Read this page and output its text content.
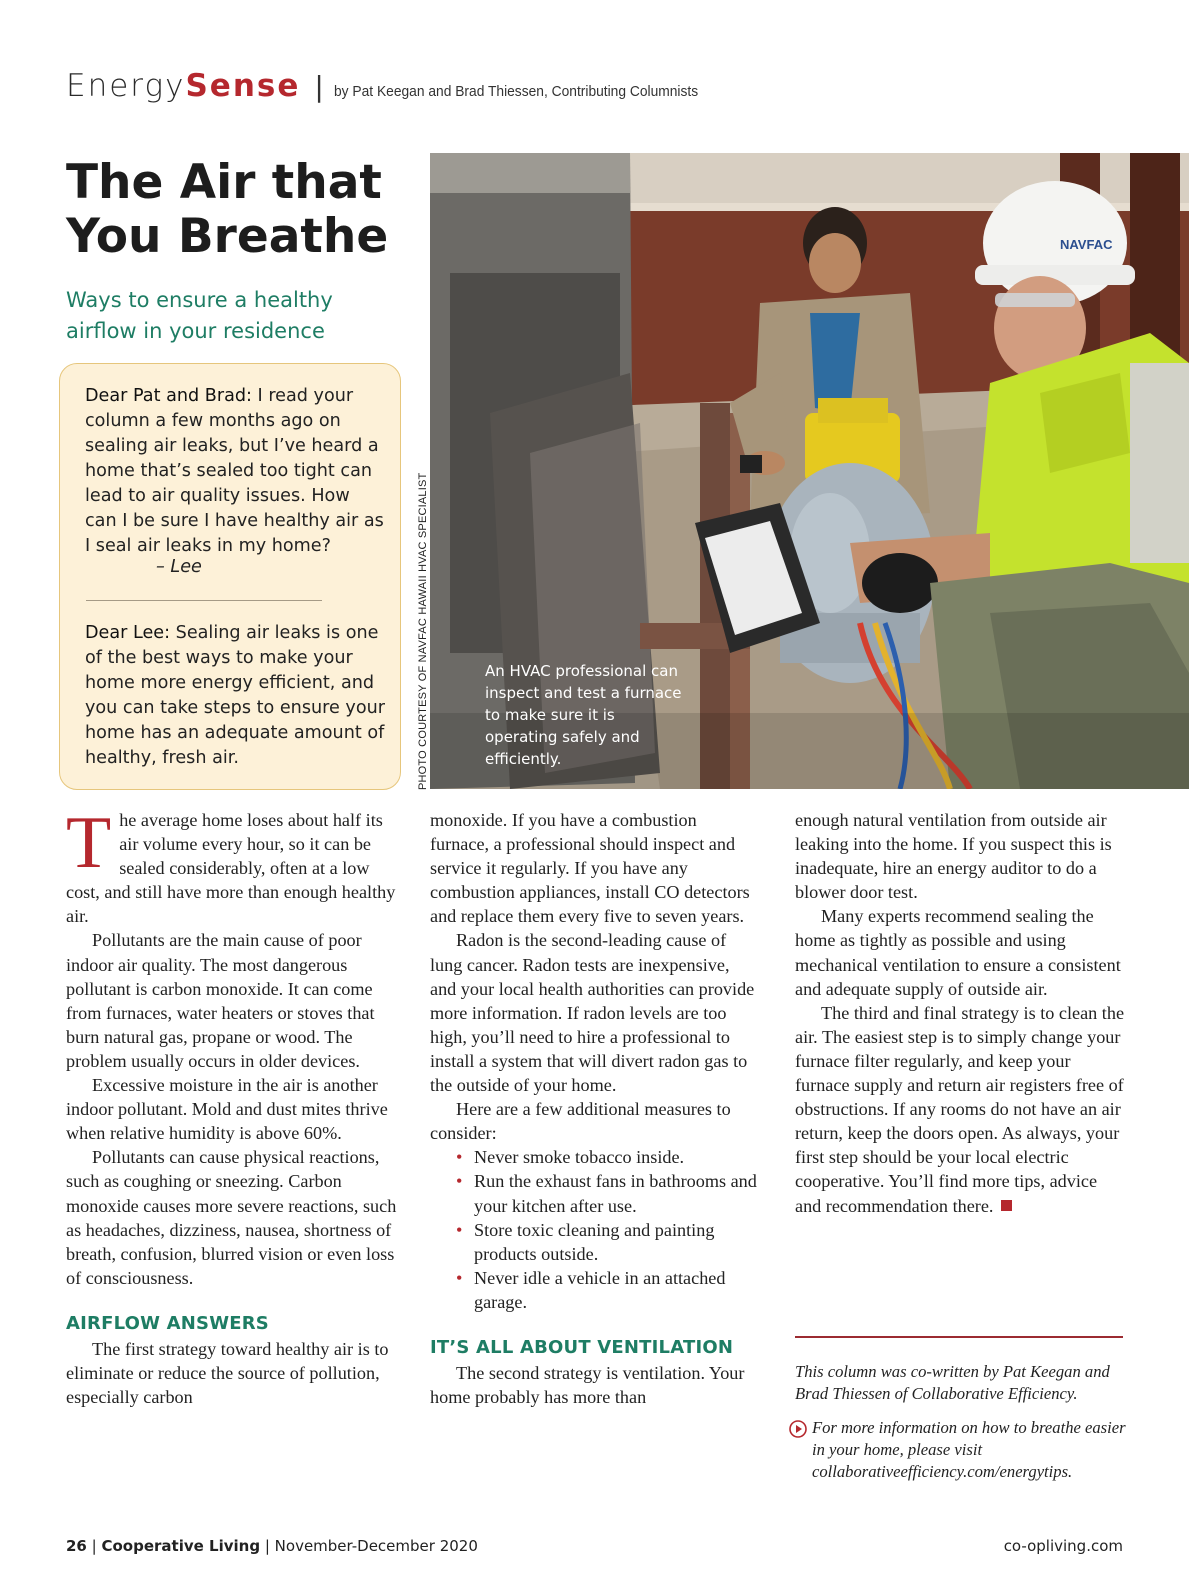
Energy Sense | by Pat Keegan and Brad Thiessen, Contributing Columnists
The Air that You Breathe
Ways to ensure a healthy airflow in your residence
Dear Pat and Brad: I read your column a few months ago on sealing air leaks, but I’ve heard a home that’s sealed too tight can lead to air quality issues. How can I be sure I have healthy air as I seal air leaks in my home?
– Lee
Dear Lee: Sealing air leaks is one of the best ways to make your home more energy efficient, and you can take steps to ensure your home has an adequate amount of healthy, fresh air.
NAVFAC
PHOTO COURTESY OF NAVFAC HAWAII HVAC SPECIALIST	An HVAC professional can inspect and test a furnace to make sure it is operating safely and efficiently.

The average home loses about half its air volume every hour, so it can be sealed considerably, often at a low cost, and still have more than enough healthy air.

Pollutants are the main cause of poor indoor air quality. The most dangerous pollutant is carbon monoxide. It can come from furnaces, water heaters or stoves that burn natural gas, propane or wood. The problem usually occurs in older devices.

Excessive moisture in the air is another indoor pollutant. Mold and dust mites thrive when relative humidity is above 60%.

Pollutants can cause physical reactions, such as coughing or sneezing. Carbon monoxide causes more severe reactions, such as headaches, dizziness, nausea, shortness of breath, confusion, blurred vision or even loss of consciousness.

AIRFLOW ANSWERS

The first strategy toward healthy air is to eliminate or reduce the source of pollution, especially carbon

monoxide. If you have a combustion furnace, a professional should inspect and service it regularly. If you have any combustion appliances, install CO detectors and replace them every five to seven years.

Radon is the second-leading cause of lung cancer. Radon tests are inexpensive, and your local health authorities can provide more information. If radon levels are too high, you’ll need to hire a professional to install a system that will divert radon gas to the outside of your home.

Here are a few additional measures to consider:

• Never smoke tobacco inside.
• Run the exhaust fans in bathrooms and your kitchen after use.
• Store toxic cleaning and painting products outside.
• Never idle a vehicle in an attached garage.
IT’S ALL ABOUT VENTILATION

The second strategy is ventilation. Your home probably has more than

enough natural ventilation from outside air leaking into the home. If you suspect this is inadequate, hire an energy auditor to do a blower door test.

Many experts recommend sealing the home as tightly as possible and using mechanical ventilation to ensure a consistent and adequate supply of outside air.

The third and final strategy is to clean the air. The easiest step is to simply change your furnace filter regularly, and keep your furnace supply and return air registers free of obstructions. If any rooms do not have an air return, keep the doors open. As always, your first step should be your local electric cooperative. You’ll find more tips, advice and recommendation there.

This column was co-written by Pat Keegan and Brad Thiessen of Collaborative Efficiency.
For more information on how to breathe easier in your home, please visit collaborativeefficiency.com/energytips.
26 | Cooperative Living | November-December 2020	co-opliving.com
